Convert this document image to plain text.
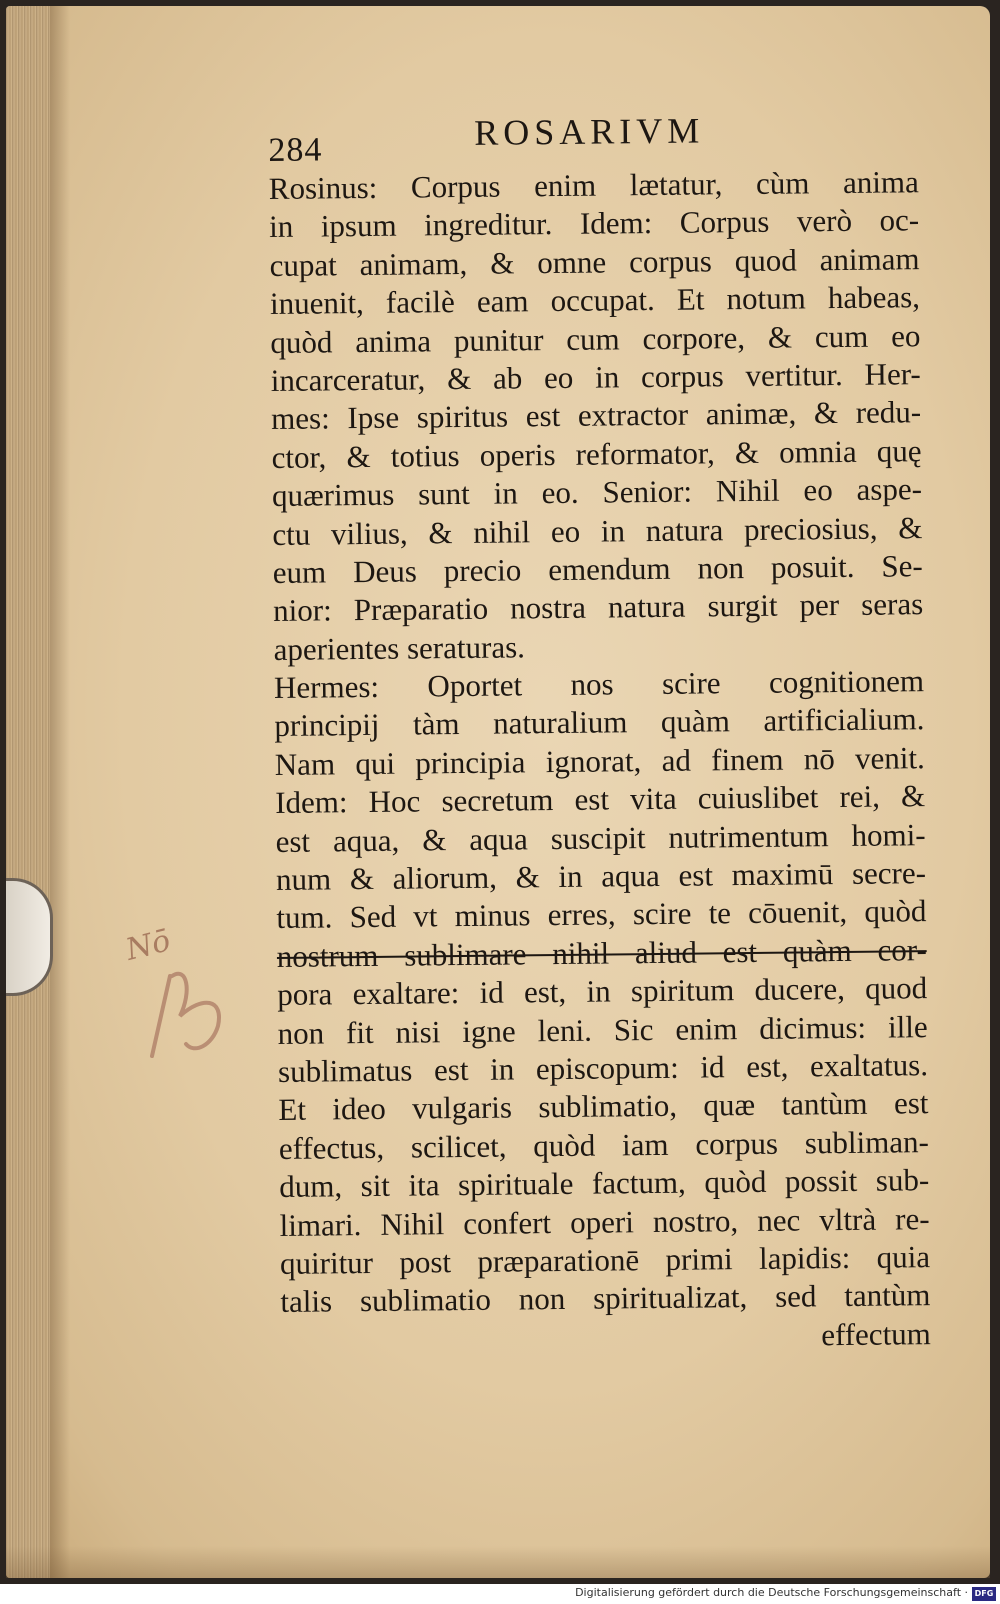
Nō
284	ROSARIVM
Rosinus: Corpus enim lætatur, cùm anima
in ipsum ingreditur. Idem: Corpus verò oc-
cupat animam, & omne corpus quod animam
inuenit, facilè eam occupat. Et notum habeas,
quòd anima punitur cum corpore, & cum eo
incarceratur, & ab eo in corpus vertitur. Her-
mes: Ipse spiritus est extractor animæ, & redu-
ctor, & totius operis reformator, & omnia quę
quærimus sunt in eo. Senior: Nihil eo aspe-
ctu vilius, & nihil eo in natura preciosius, &
eum Deus precio emendum non posuit. Se-
nior: Præparatio nostra natura surgit per seras
aperientes seraturas.
Hermes: Oportet nos scire cognitionem
principij tàm naturalium quàm artificialium.
Nam qui principia ignorat, ad finem nō venit.
Idem: Hoc secretum est vita cuiuslibet rei, &
est aqua, & aqua suscipit nutrimentum homi-
num & aliorum, & in aqua est maximū secre-
tum. Sed vt minus erres, scire te cōuenit, quòd
nostrum sublimare nihil aliud est quàm cor-
pora exaltare: id est, in spiritum ducere, quod
non fit nisi igne leni. Sic enim dicimus: ille
sublimatus est in episcopum: id est, exaltatus.
Et ideo vulgaris sublimatio, quæ tantùm est
effectus, scilicet, quòd iam corpus subliman-
dum, sit ita spirituale factum, quòd possit sub-
limari. Nihil confert operi nostro, nec vltrà re-
quiritur post præparationē primi lapidis: quia
talis sublimatio non spiritualizat, sed tantùm
effectum
Digitalisierung gefördert durch die Deutsche Forschungsgemeinschaft · DFG
